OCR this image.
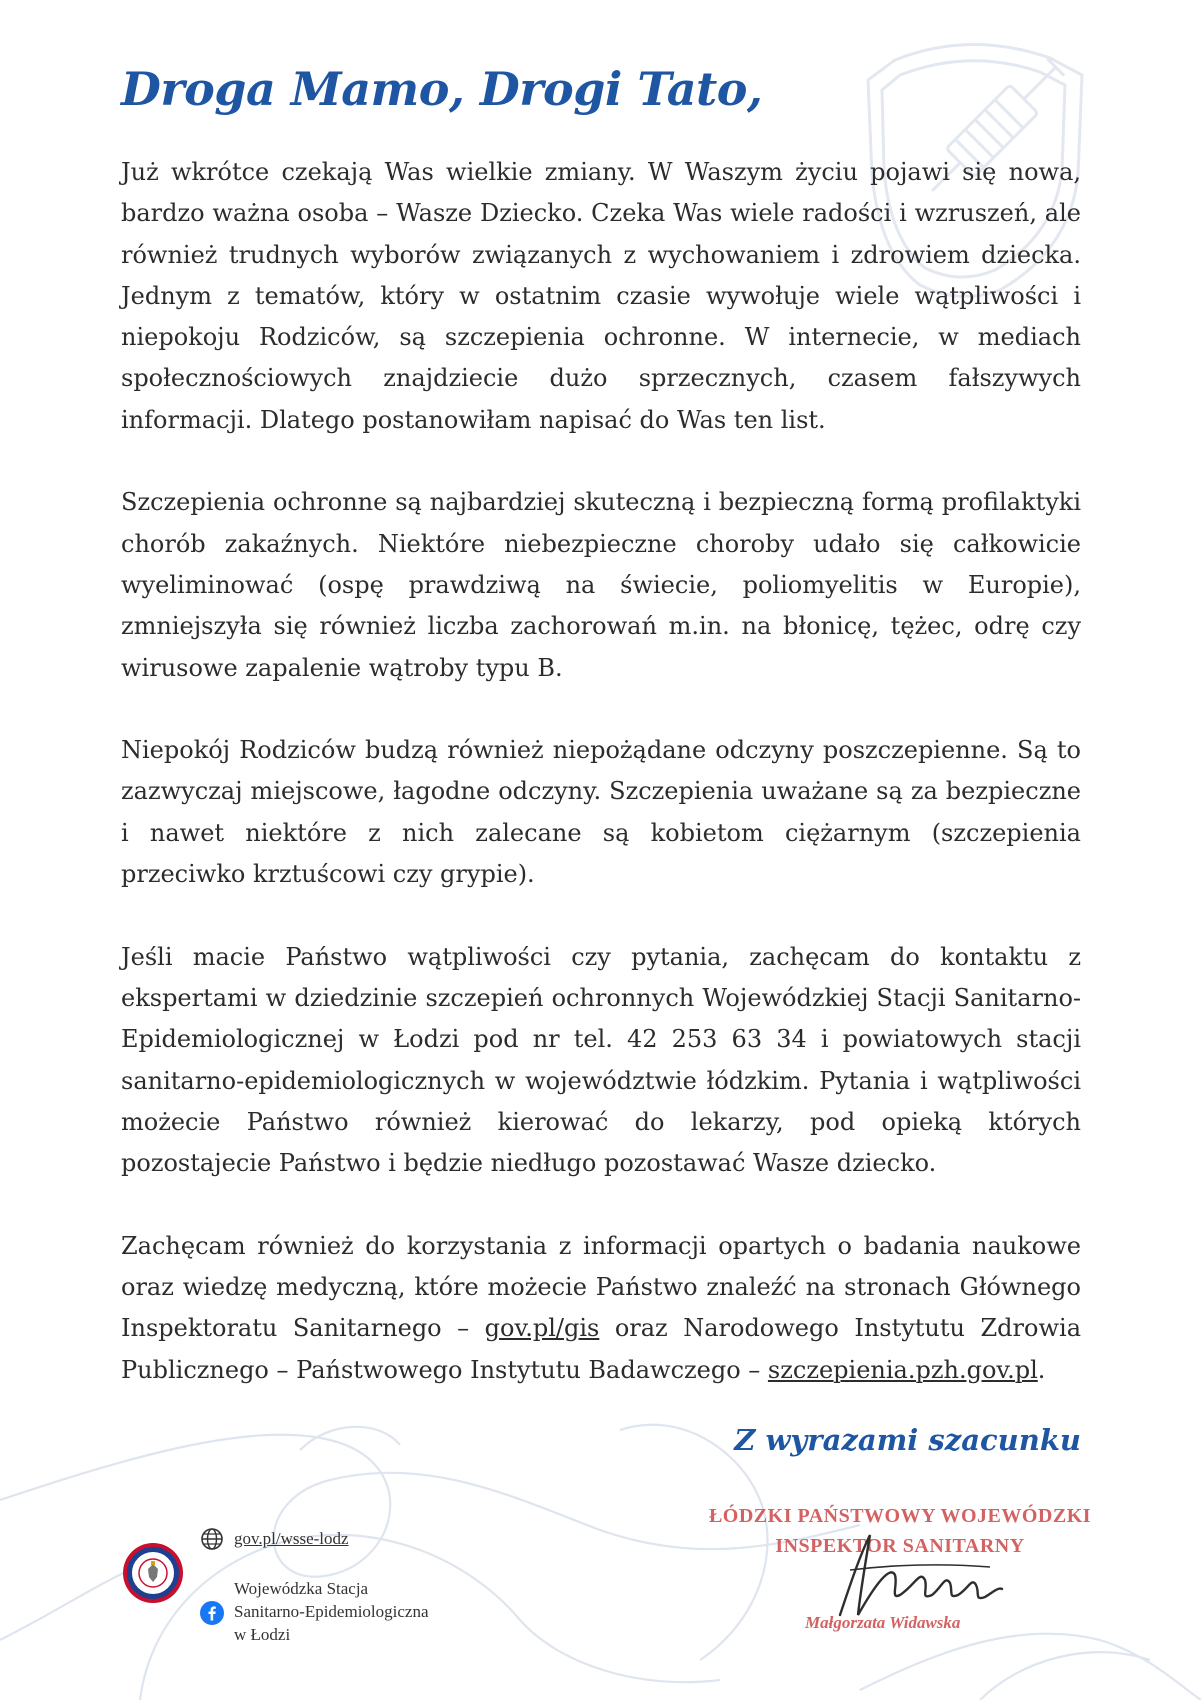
Droga Mamo, Drogi Tato,

Już wkrótce czekają Was wielkie zmiany. W Waszym życiu pojawi się nowa, bardzo ważna osoba – Wasze Dziecko. Czeka Was wiele radości i wzruszeń, ale również trudnych wyborów związanych z wychowaniem i zdrowiem dziecka. Jednym z tematów, który w ostatnim czasie wywołuje wiele wątpliwości i niepokoju Rodziców, są szczepienia ochronne. W internecie, w mediach społecznościowych znajdziecie dużo sprzecznych, czasem fałszywych informacji. Dlatego postanowiłam napisać do Was ten list.

Szczepienia ochronne są najbardziej skuteczną i bezpieczną formą profilaktyki chorób zakaźnych. Niektóre niebezpieczne choroby udało się całkowicie wyeliminować (ospę prawdziwą na świecie, poliomyelitis w Europie), zmniejszyła się również liczba zachorowań m.in. na błonicę, tężec, odrę czy wirusowe zapalenie wątroby typu B.

Niepokój Rodziców budzą również niepożądane odczyny poszczepienne. Są to zazwyczaj miejscowe, łagodne odczyny. Szczepienia uważane są za bezpieczne i nawet niektóre z nich zalecane są kobietom ciężarnym (szczepienia przeciwko krztuścowi czy grypie).

Jeśli macie Państwo wątpliwości czy pytania, zachęcam do kontaktu z ekspertami w dziedzinie szczepień ochronnych Wojewódzkiej Stacji Sanitarno-Epidemiologicznej w Łodzi pod nr tel. 42 253 63 34 i powiatowych stacji sanitarno-epidemiologicznych w województwie łódzkim. Pytania i wątpliwości możecie Państwo również kierować do lekarzy, pod opieką których pozostajecie Państwo i będzie niedługo pozostawać Wasze dziecko.

Zachęcam również do korzystania z informacji opartych o badania naukowe oraz wiedzę medyczną, które możecie Państwo znaleźć na stronach Głównego Inspektoratu Sanitarnego – gov.pl/gis oraz Narodowego Instytutu Zdrowia Publicznego – Państwowego Instytutu Badawczego – szczepienia.pzh.gov.pl.

Z wyrazami szacunku
ŁÓDZKI PAŃSTWOWY WOJEWÓDZKI
INSPEKTOR SANITARNY
Małgorzata Widawska
gov.pl/wsse-lodz
Wojewódzka Stacja
Sanitarno-Epidemiologiczna
w Łodzi
